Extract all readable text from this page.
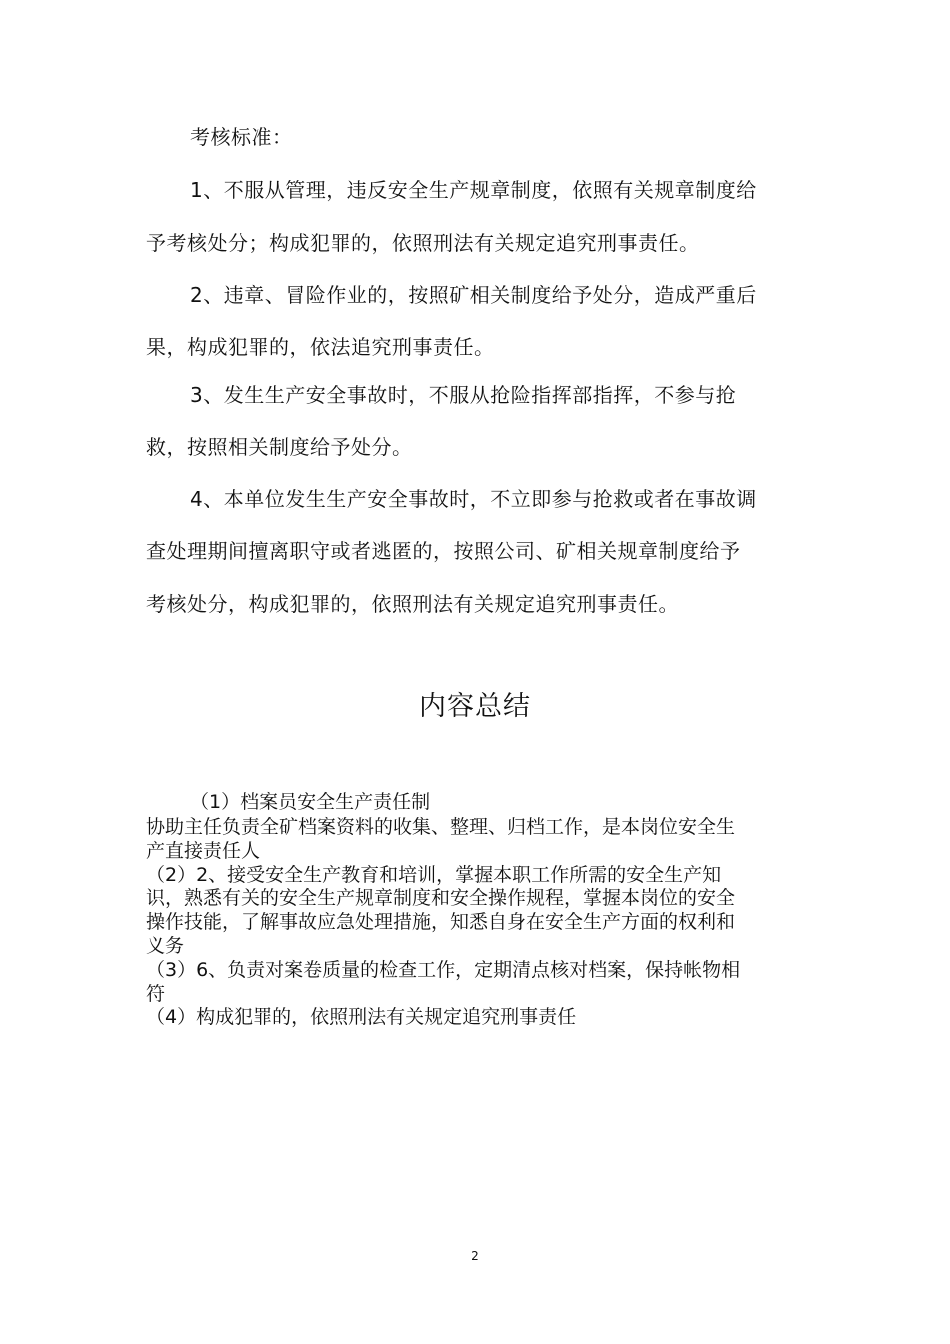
考核标准：
1、不服从管理，违反安全生产规章制度，依照有关规章制度给
予考核处分；构成犯罪的，依照刑法有关规定追究刑事责任。
2、违章、冒险作业的，按照矿相关制度给予处分，造成严重后
果，构成犯罪的，依法追究刑事责任。
3、发生生产安全事故时，不服从抢险指挥部指挥，不参与抢
救，按照相关制度给予处分。
4、本单位发生生产安全事故时，不立即参与抢救或者在事故调
查处理期间擅离职守或者逃匿的，按照公司、矿相关规章制度给予
考核处分，构成犯罪的，依照刑法有关规定追究刑事责任。
内容总结
（1）档案员安全生产责任制
协助主任负责全矿档案资料的收集、整理、归档工作，是本岗位安全生
产直接责任人
（2）2、接受安全生产教育和培训，掌握本职工作所需的安全生产知
识，熟悉有关的安全生产规章制度和安全操作规程，掌握本岗位的安全
操作技能，了解事故应急处理措施，知悉自身在安全生产方面的权利和
义务
（3）6、负责对案卷质量的检查工作，定期清点核对档案，保持帐物相
符
（4）构成犯罪的，依照刑法有关规定追究刑事责任
2
